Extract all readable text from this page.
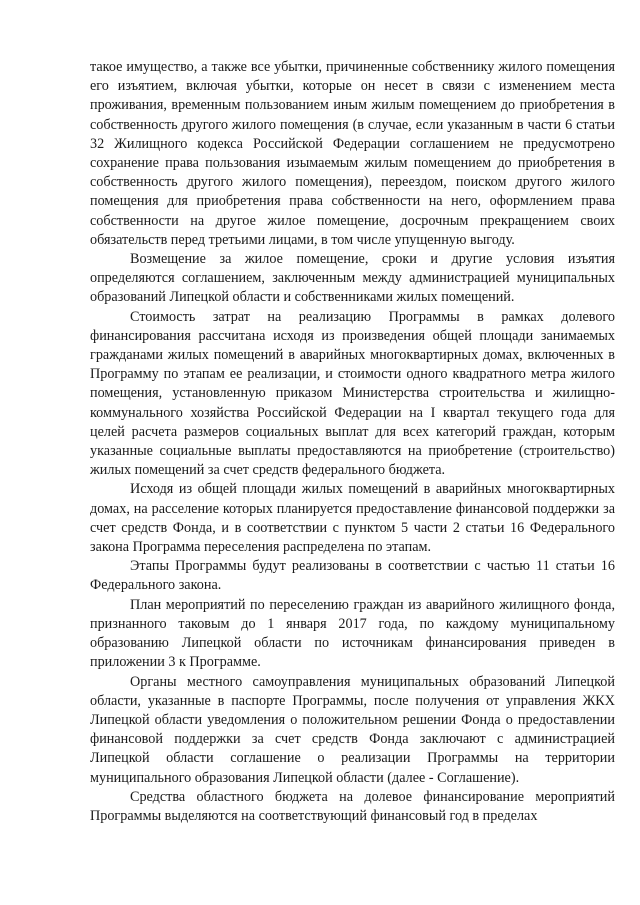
такое имущество, а также все убытки, причиненные собственнику жилого помещения его изъятием, включая убытки, которые он несет в связи с изменением места проживания, временным пользованием иным жилым помещением до приобретения в собственность другого жилого помещения (в случае, если указанным в части 6 статьи 32 Жилищного кодекса Российской Федерации соглашением не предусмотрено сохранение права пользования изымаемым жилым помещением до приобретения в собственность другого жилого помещения), переездом, поиском другого жилого помещения для приобретения права собственности на него, оформлением права собственности на другое жилое помещение, досрочным прекращением своих обязательств перед третьими лицами, в том числе упущенную выгоду.

Возмещение за жилое помещение, сроки и другие условия изъятия определяются соглашением, заключенным между администрацией муниципальных образований Липецкой области и собственниками жилых помещений.

Стоимость затрат на реализацию Программы в рамках долевого финансирования рассчитана исходя из произведения общей площади занимаемых гражданами жилых помещений в аварийных многоквартирных домах, включенных в Программу по этапам ее реализации, и стоимости одного квадратного метра жилого помещения, установленную приказом Министерства строительства и жилищно-коммунального хозяйства Российской Федерации на I квартал текущего года для целей расчета размеров социальных выплат для всех категорий граждан, которым указанные социальные выплаты предоставляются на приобретение (строительство) жилых помещений за счет средств федерального бюджета.

Исходя из общей площади жилых помещений в аварийных многоквартирных домах, на расселение которых планируется предоставление финансовой поддержки за счет средств Фонда, и в соответствии с пунктом 5 части 2 статьи 16 Федерального закона Программа переселения распределена по этапам.

Этапы Программы будут реализованы в соответствии с частью 11 статьи 16 Федерального закона.

План мероприятий по переселению граждан из аварийного жилищного фонда, признанного таковым до 1 января 2017 года, по каждому муниципальному образованию Липецкой области по источникам финансирования приведен в приложении 3 к Программе.

Органы местного самоуправления муниципальных образований Липецкой области, указанные в паспорте Программы, после получения от управления ЖКХ Липецкой области уведомления о положительном решении Фонда о предоставлении финансовой поддержки за счет средств Фонда заключают с администрацией Липецкой области соглашение о реализации Программы на территории муниципального образования Липецкой области (далее - Соглашение).

Средства областного бюджета на долевое финансирование мероприятий Программы выделяются на соответствующий финансовый год в пределах
